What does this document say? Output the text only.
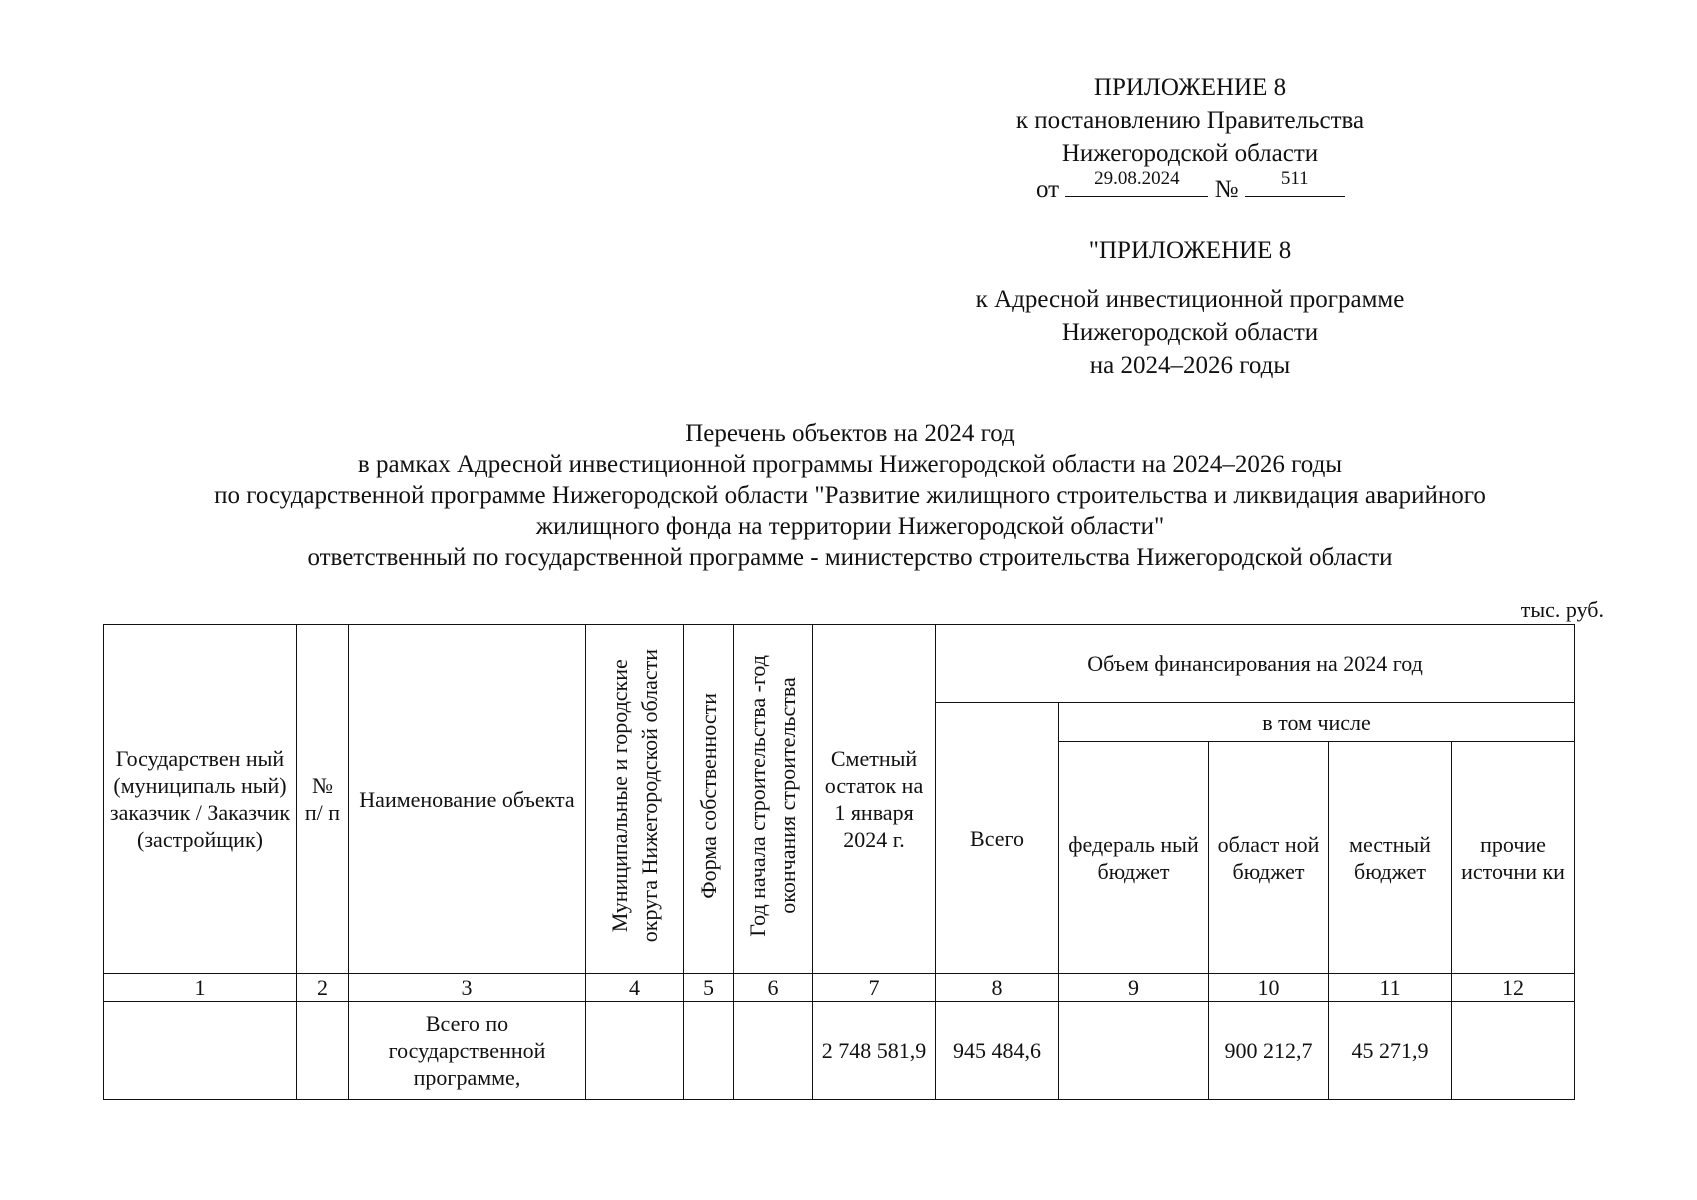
ПРИЛОЖЕНИЕ 8
к постановлению Правительства
Нижегородской области
от	29.08.2024	№	511
"ПРИЛОЖЕНИЕ 8
к Адресной инвестиционной программе
Нижегородской области
на 2024–2026 годы
Перечень объектов на 2024 год
в рамках Адресной инвестиционной программы Нижегородской области на 2024–2026 годы
по государственной программе Нижегородской области "Развитие жилищного строительства и ликвидация аварийного
жилищного фонда на территории Нижегородской области"
ответственный по государственной программе - министерство строительства Нижегородской области
тыс. руб.
Государствен ный (муниципаль ный) заказчик / Заказчик (застройщик)	№ п/ п	Наименование объекта	Муниципальные и городские округа Нижегородской области	Форма собственности	Год начала строительства -год окончания строительства	Сметный остаток на 1 января 2024 г.	Объем финансирования на 2024 год				
							Всего	в том числе			
								федераль ный бюджет	област ной бюджет	местный бюджет	прочие источни ки
1	2	3	4	5	6	7	8	9	10	11	12
		Всего по государственной программе,				2 748 581,9	945 484,6		900 212,7	45 271,9	
